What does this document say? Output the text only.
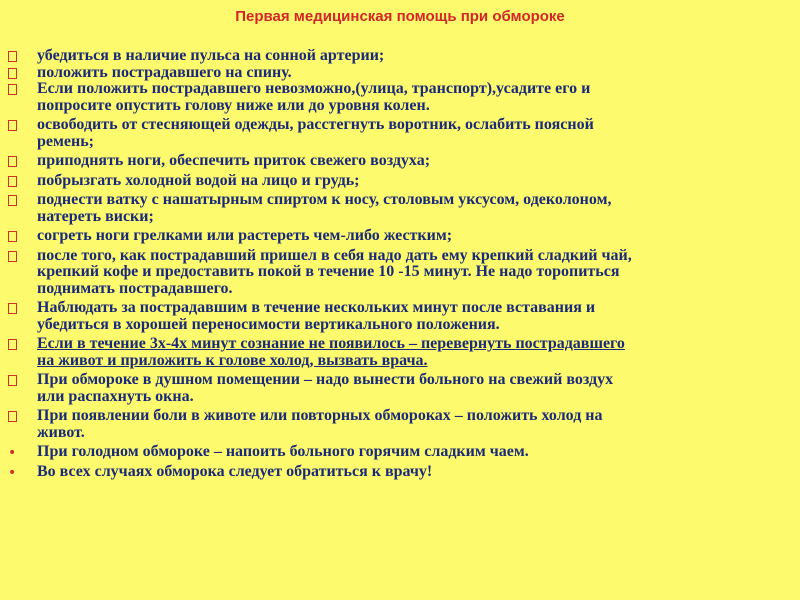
Первая медицинская помощь при обмороке
убедиться в наличие пульса на сонной артерии;
положить пострадавшего на спину.
Если положить пострадавшего невозможно,(улица, транспорт),усадите его и
попросите опустить голову ниже или до уровня колен.
освободить от стесняющей одежды, расстегнуть воротник, ослабить поясной
ремень;
приподнять ноги, обеспечить приток свежего воздуха;
побрызгать холодной водой на лицо и грудь;
поднести ватку с нашатырным спиртом к носу, столовым уксусом, одеколоном,
натереть виски;
согреть ноги грелками или растереть чем-либо жестким;
после того, как пострадавший пришел в себя надо дать ему крепкий сладкий чай,
крепкий кофе и предоставить покой в течение 10 -15 минут. Не надо торопиться
поднимать пострадавшего.
Наблюдать за пострадавшим в течение нескольких минут после вставания и
убедиться в хорошей переносимости вертикального положения.
Если в течение 3х-4х минут сознание не появилось – перевернуть пострадавшего
на живот и приложить к голове холод, вызвать врача.
При обмороке в душном помещении – надо вынести больного на свежий воздух
или распахнуть окна.
При появлении боли в животе или повторных обмороках – положить холод на
живот.
•
При голодном обмороке – напоить больного горячим сладким чаем.
•
Во всех случаях обморока следует обратиться к врачу!
